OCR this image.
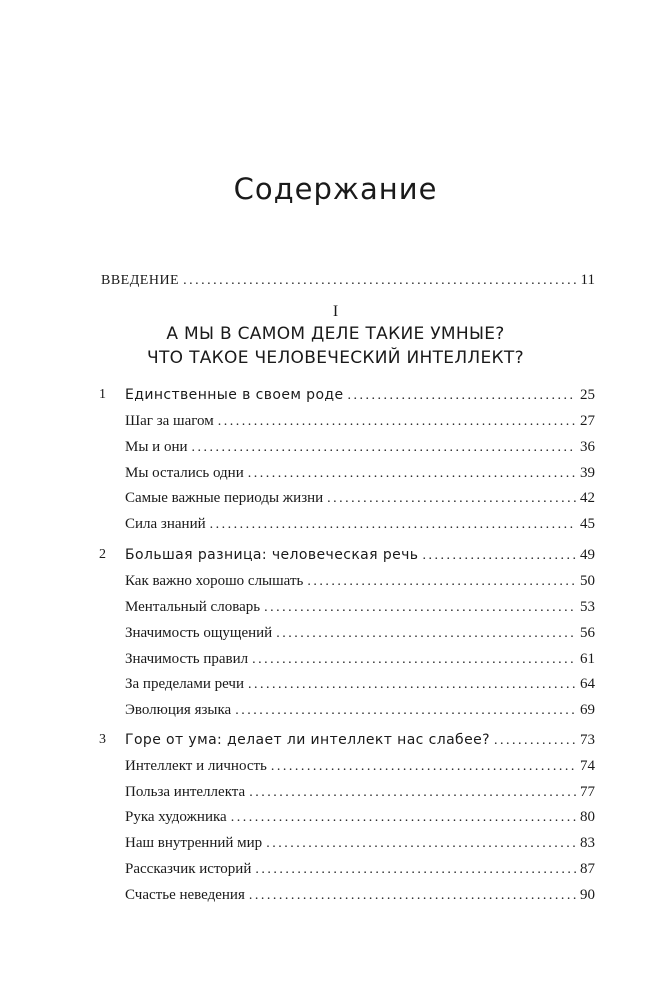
Содержание
ВВЕДЕНИЕ . . .	11
I
А МЫ В САМОМ ДЕЛЕ ТАКИЕ УМНЫЕ?
ЧТО ТАКОЕ ЧЕЛОВЕЧЕСКИЙ ИНТЕЛЛЕКТ?
1	Единственные в своем роде . . .	25
Шаг за шагом . . .	27
Мы и они . . .	36
Мы остались одни . . .	39
Самые важные периоды жизни . . .	42
Сила знаний . . .	45
2	Большая разница: человеческая речь . . .	49
Как важно хорошо слышать . . .	50
Ментальный словарь . . .	53
Значимость ощущений . . .	56
Значимость правил . . .	61
За пределами речи . . .	64
Эволюция языка . . .	69
3	Горе от ума: делает ли интеллект нас слабее? . . .	73
Интеллект и личность . . .	74
Польза интеллекта . . .	77
Рука художника . . .	80
Наш внутренний мир . . .	83
Рассказчик историй . . .	87
Счастье неведения . . .	90
